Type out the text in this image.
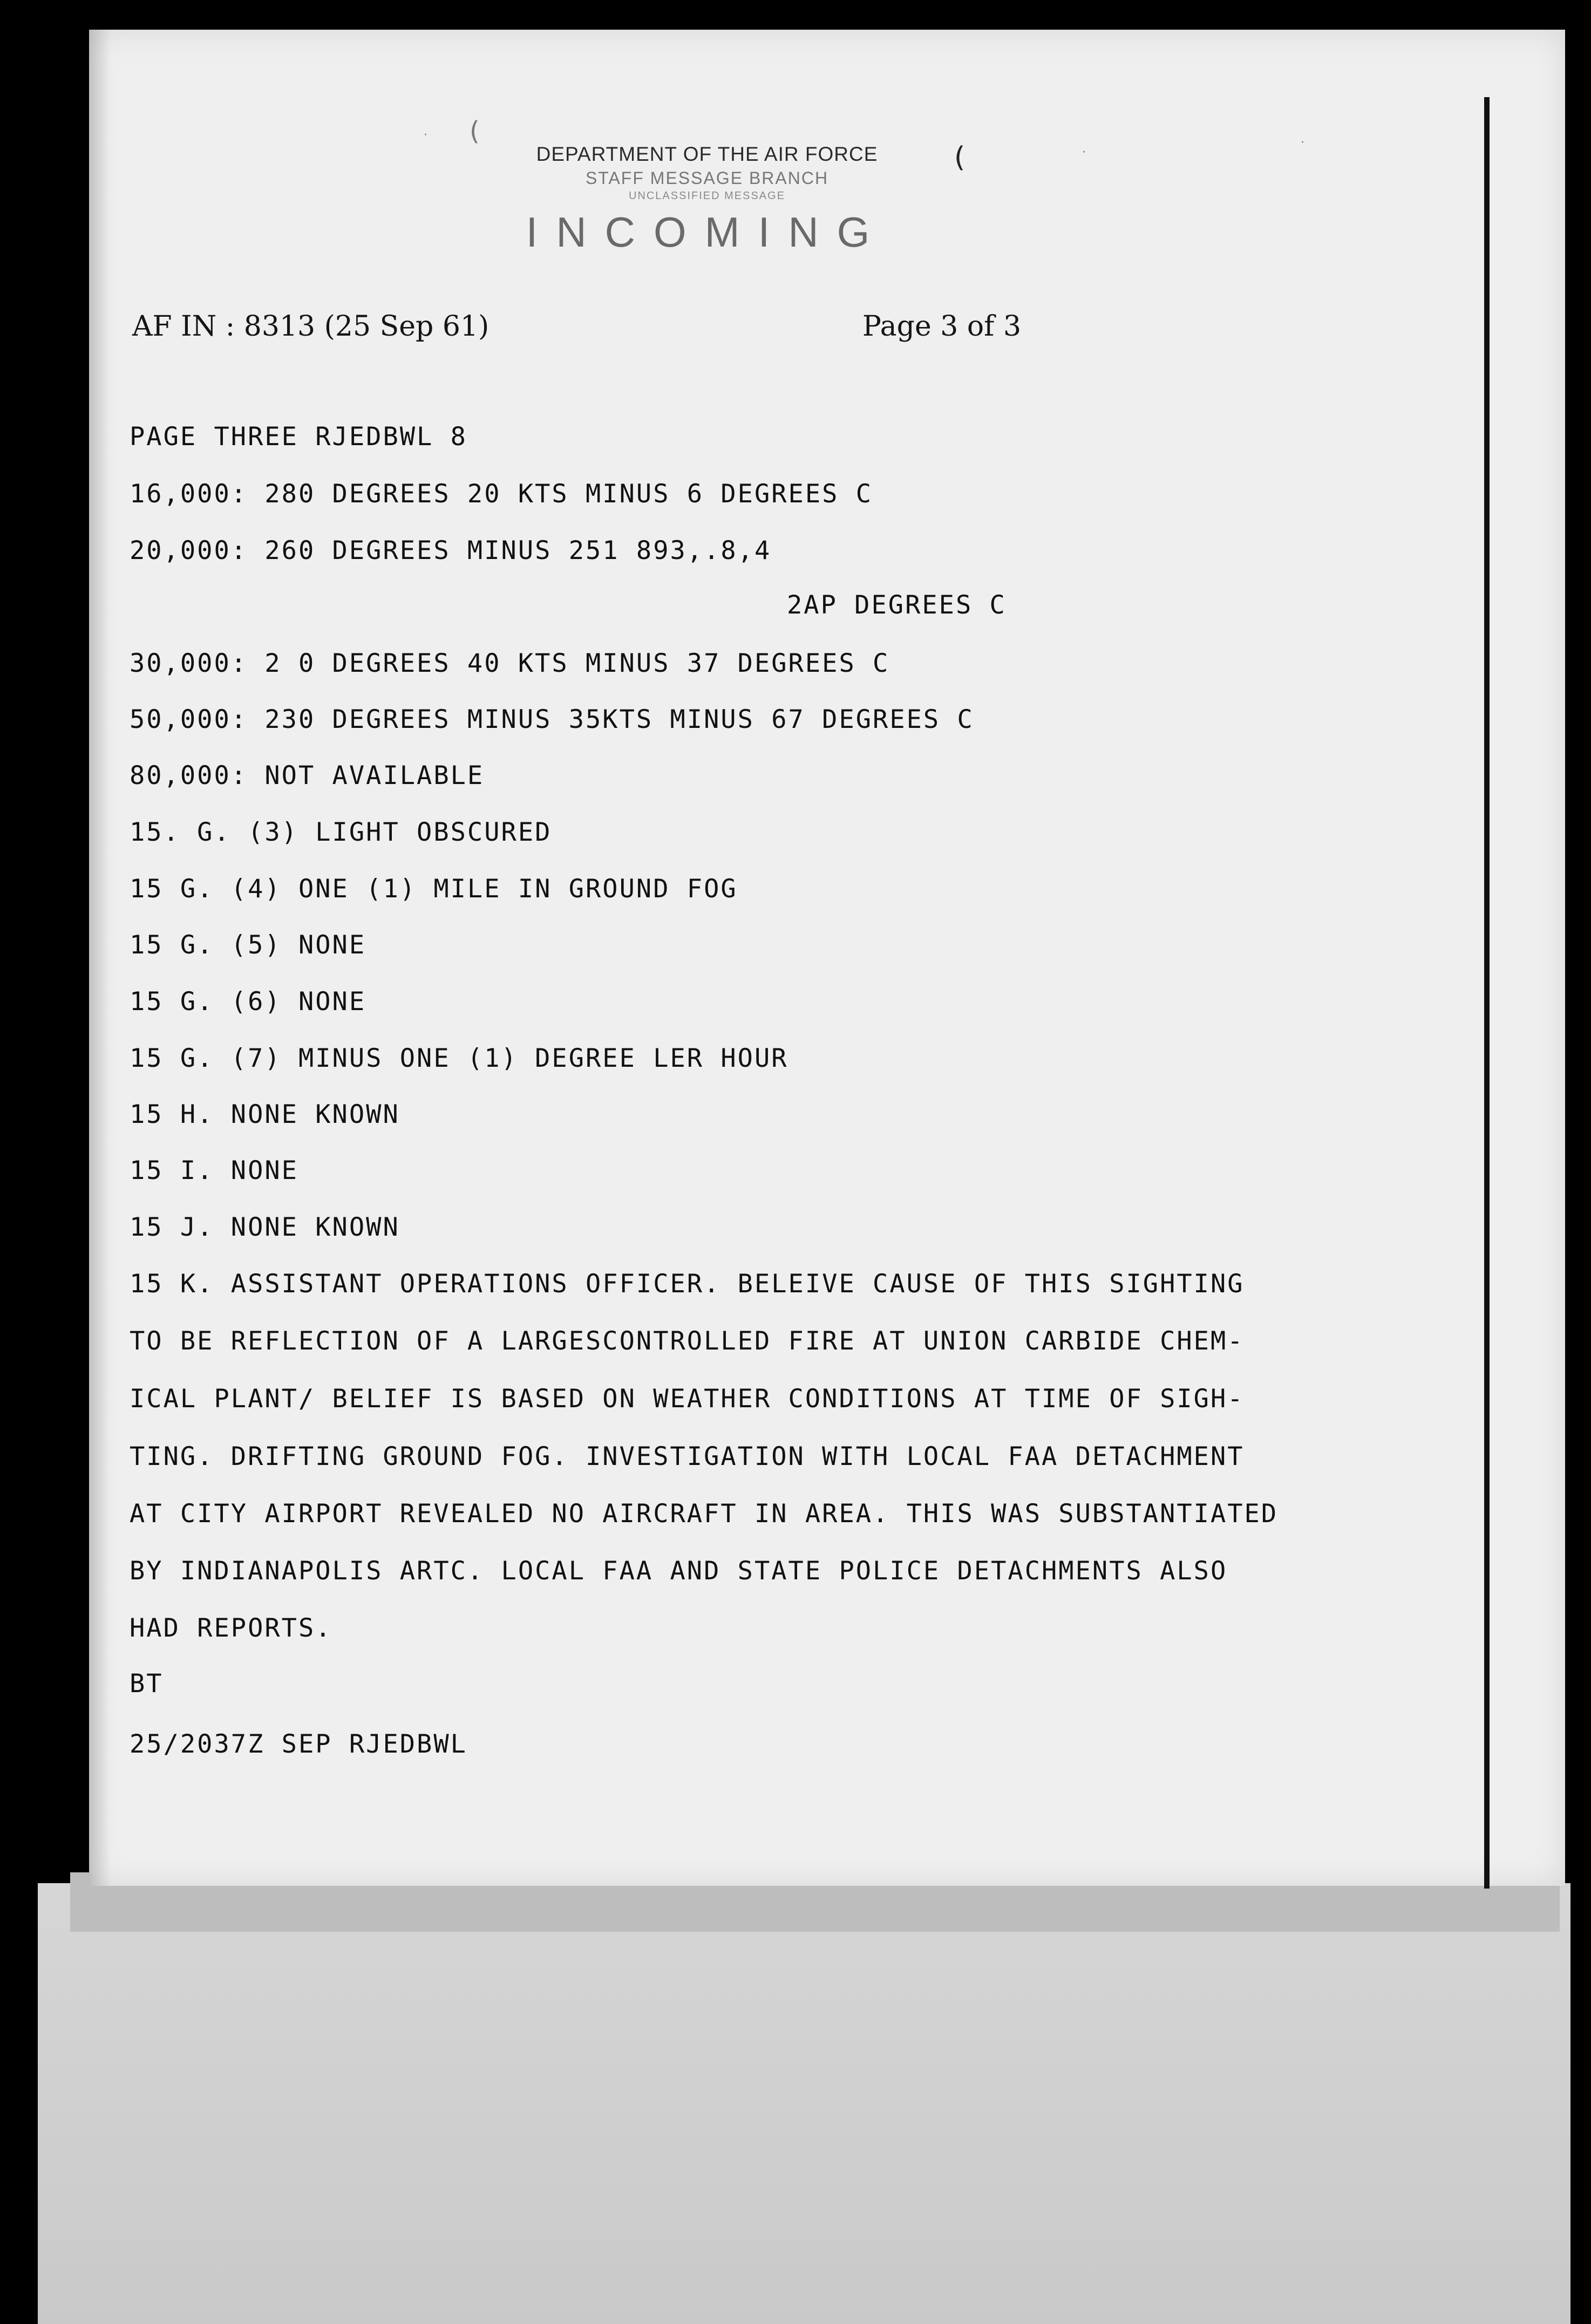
(
(
·
·
·
DEPARTMENT OF THE AIR FORCE
STAFF MESSAGE BRANCH
UNCLASSIFIED MESSAGE
INCOMING
AF IN : 8313 (25 Sep 61)	Page 3 of 3
PAGE THREE RJEDBWL 8
16,000: 280 DEGREES 20 KTS MINUS 6 DEGREES C
20,000: 260 DEGREES MINUS 251 893,.8,4
2AP DEGREES C
30,000: 2 0 DEGREES 40 KTS MINUS 37 DEGREES C
50,000: 230 DEGREES MINUS 35KTS MINUS 67 DEGREES C
80,000: NOT AVAILABLE
15. G. (3) LIGHT OBSCURED
15 G. (4) ONE (1) MILE IN GROUND FOG
15 G. (5) NONE
15 G. (6) NONE
15 G. (7) MINUS ONE (1) DEGREE LER HOUR
15 H. NONE KNOWN
15 I. NONE
15 J. NONE KNOWN
15 K. ASSISTANT OPERATIONS OFFICER. BELEIVE CAUSE OF THIS SIGHTING
TO BE REFLECTION OF A LARGESCONTROLLED FIRE AT UNION CARBIDE CHEM-
ICAL PLANT/ BELIEF IS BASED ON WEATHER CONDITIONS AT TIME OF SIGH-
TING. DRIFTING GROUND FOG. INVESTIGATION WITH LOCAL FAA DETACHMENT
AT CITY AIRPORT REVEALED NO AIRCRAFT IN AREA. THIS WAS SUBSTANTIATED
BY INDIANAPOLIS ARTC. LOCAL FAA AND STATE POLICE DETACHMENTS ALSO
HAD REPORTS.
BT
25/2037Z SEP RJEDBWL
